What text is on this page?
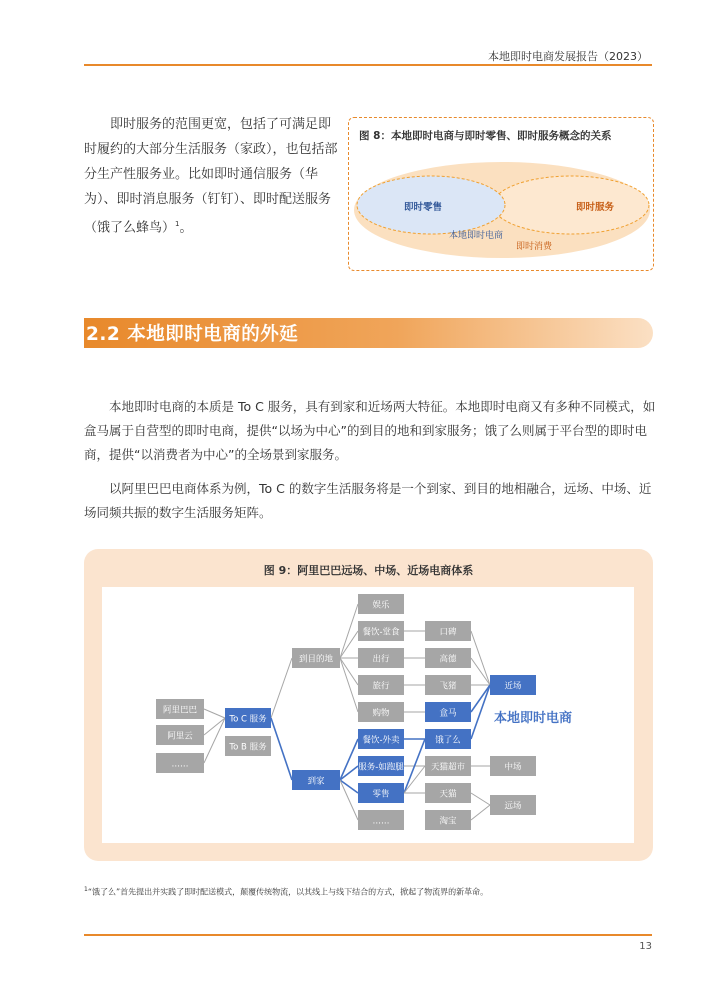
本地即时电商发展报告（2023）

即时服务的范围更宽，包括了可满足即时履约的大部分生活服务（家政），也包括部分生产性服务业。比如即时通信服务（华为）、即时消息服务（钉钉）、即时配送服务（饿了么蜂鸟）$^1$。

即时零售	即时服务
本地即时电商
即时消费
图 8：本地即时电商与即时零售、即时服务概念的关系
2.2 本地即时电商的外延

本地即时电商的本质是 To C 服务，具有到家和近场两大特征。本地即时电商又有多种不同模式，如盒马属于自营型的即时电商，提供“以场为中心”的到目的地和到家服务；饿了么则属于平台型的即时电商，提供“以消费者为中心”的全场景到家服务。

以阿里巴巴电商体系为例，To C 的数字生活服务将是一个到家、到目的地相融合，远场、中场、近场同频共振的数字生活服务矩阵。

图 9：阿里巴巴远场、中场、近场电商体系
阿里巴巴
阿里云
……
To C 服务
To B 服务
到目的地
到家
娱乐
餐饮-堂食
出行
旅行
购物
餐饮-外卖
服务-如跑腿
零售
……
口碑
高德
飞猪
盒马
饿了么
天猫超市
天猫
淘宝
近场
中场
远场
本地即时电商
$^1$“饿了么”首先提出并实践了即时配送模式，颠覆传统物流，以其线上与线下结合的方式，掀起了物流界的新革命。
13
